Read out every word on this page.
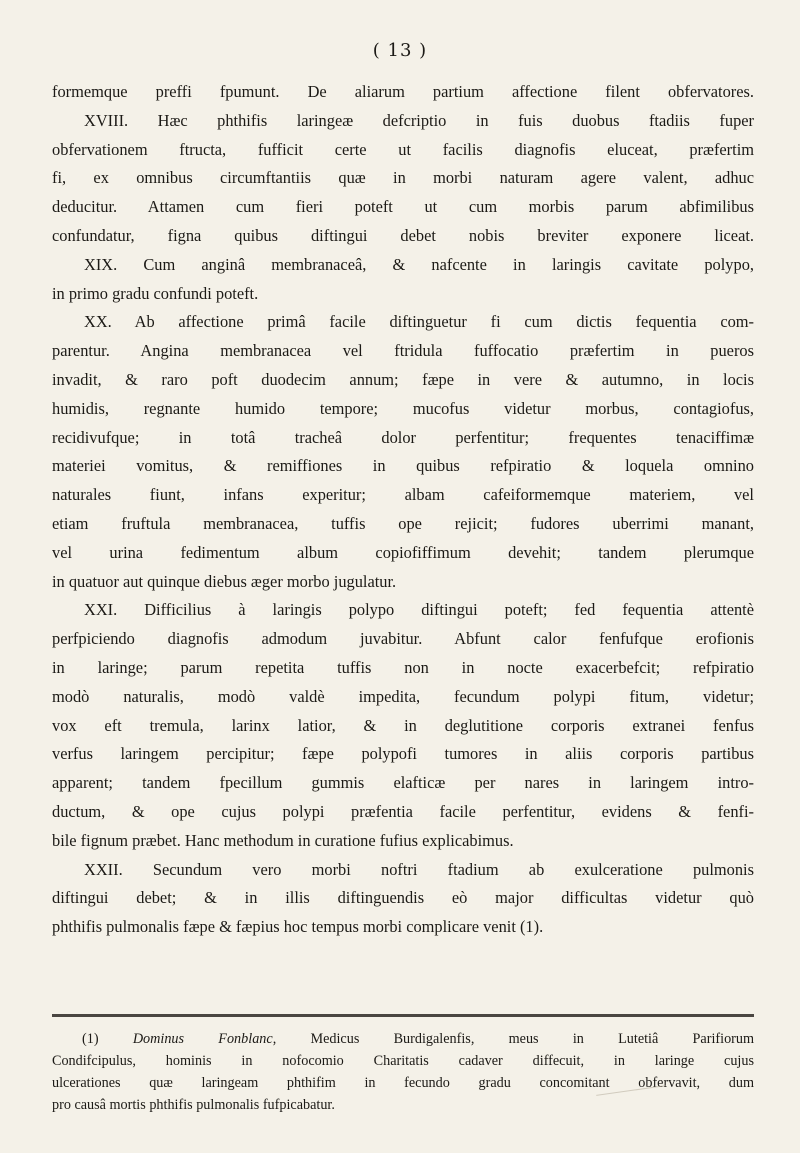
( 13 )
formemque preffi fpumunt. De aliarum partium affectione filent obfervatores.
XVIII. Hæc phthifis laringeæ defcriptio in fuis duobus ftadiis fuper
obfervationem ftructa, fufficit certe ut facilis diagnofis eluceat, præfertim
fi, ex omnibus circumftantiis quæ in morbi naturam agere valent, adhuc
deducitur. Attamen cum fieri poteft ut cum morbis parum abfimilibus
confundatur, figna quibus diftingui debet nobis breviter exponere liceat.
XIX. Cum anginâ membranaceâ, & nafcente in laringis cavitate polypo,
in primo gradu confundi poteft.
XX. Ab affectione primâ facile diftinguetur fi cum dictis fequentia com-
parentur. Angina membranacea vel ftridula fuffocatio præfertim in pueros
invadit, & raro poft duodecim annum; fæpe in vere & autumno, in locis
humidis, regnante humido tempore; mucofus videtur morbus, contagiofus,
recidivufque; in totâ tracheâ dolor perfentitur; frequentes tenaciffimæ
materiei vomitus, & remiffiones in quibus refpiratio & loquela omnino
naturales fiunt, infans experitur; albam cafeiformemque materiem, vel
etiam fruftula membranacea, tuffis ope rejicit; fudores uberrimi manant,
vel urina fedimentum album copiofiffimum devehit; tandem plerumque
in quatuor aut quinque diebus æger morbo jugulatur.
XXI. Difficilius à laringis polypo diftingui poteft; fed fequentia attentè
perfpiciendo diagnofis admodum juvabitur. Abfunt calor fenfufque erofionis
in laringe; parum repetita tuffis non in nocte exacerbefcit; refpiratio
modò naturalis, modò valdè impedita, fecundum polypi fitum, videtur;
vox eft tremula, larinx latior, & in deglutitione corporis extranei fenfus
verfus laringem percipitur; fæpe polypofi tumores in aliis corporis partibus
apparent; tandem fpecillum gummis elafticæ per nares in laringem intro-
ductum, & ope cujus polypi præfentia facile perfentitur, evidens & fenfi-
bile fignum præbet. Hanc methodum in curatione fufius explicabimus.
XXII. Secundum vero morbi noftri ftadium ab exulceratione pulmonis
diftingui debet; & in illis diftinguendis eò major difficultas videtur quò
phthifis pulmonalis fæpe & fæpius hoc tempus morbi complicare venit (1).
(1) Dominus Fonblanc, Medicus Burdigalenfis, meus in Lutetiâ Parifiorum
Condifcipulus, hominis in nofocomio Charitatis cadaver diffecuit, in laringe cujus
ulcerationes quæ laringeam phthifim in fecundo gradu concomitant obfervavit, dum
pro causâ mortis phthifis pulmonalis fufpicabatur.
